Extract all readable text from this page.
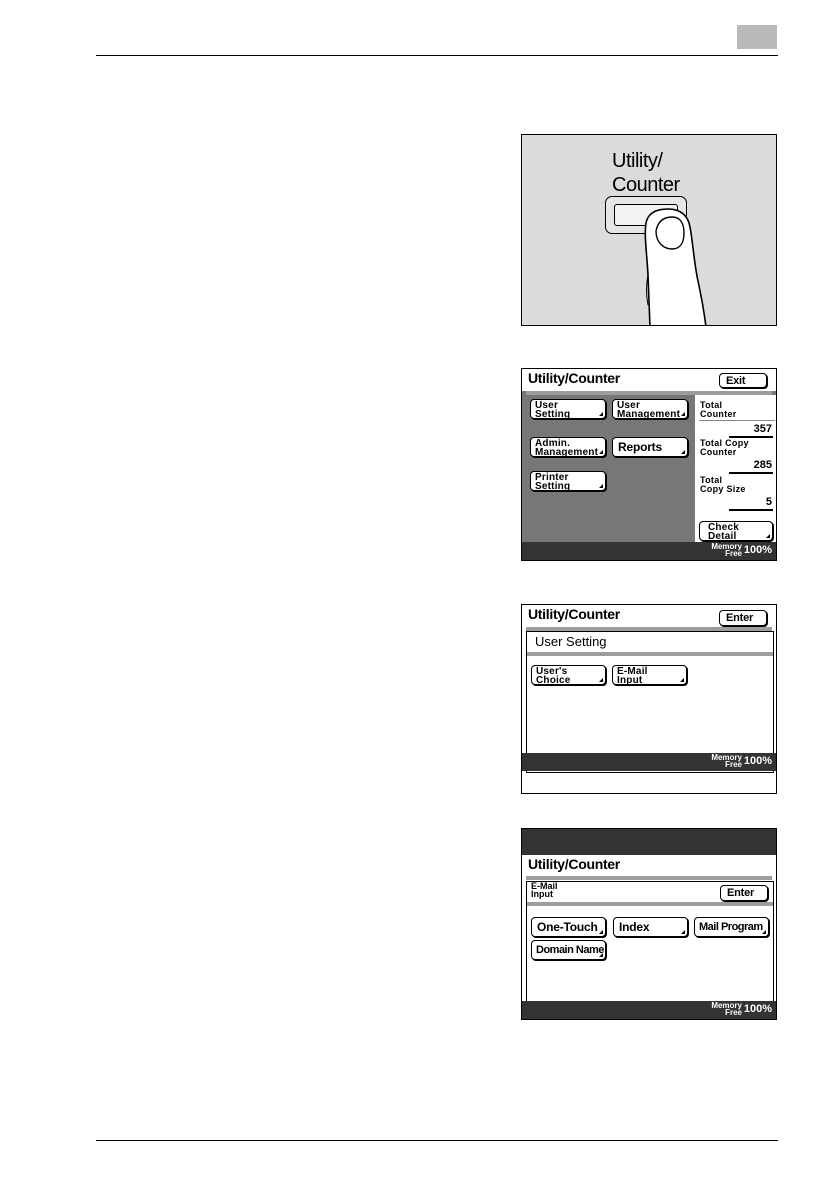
Utility/
Counter
Utility/Counter	Exit
User
Setting
User
Management
Admin.
Management Reports
Printer
Setting
Total
Counter
357
Total Copy
Counter
285
Total
Copy Size
5
Check
Detail
Memory
Free 100%
Utility/Counter	Enter
User Setting
User's
Choice
E-Mail
Input
Memory
Free 100%
Utility/Counter
E-Mail
Input	Enter
One-Touch Index	Mail Program
Domain Name
Memory
Free 100%
